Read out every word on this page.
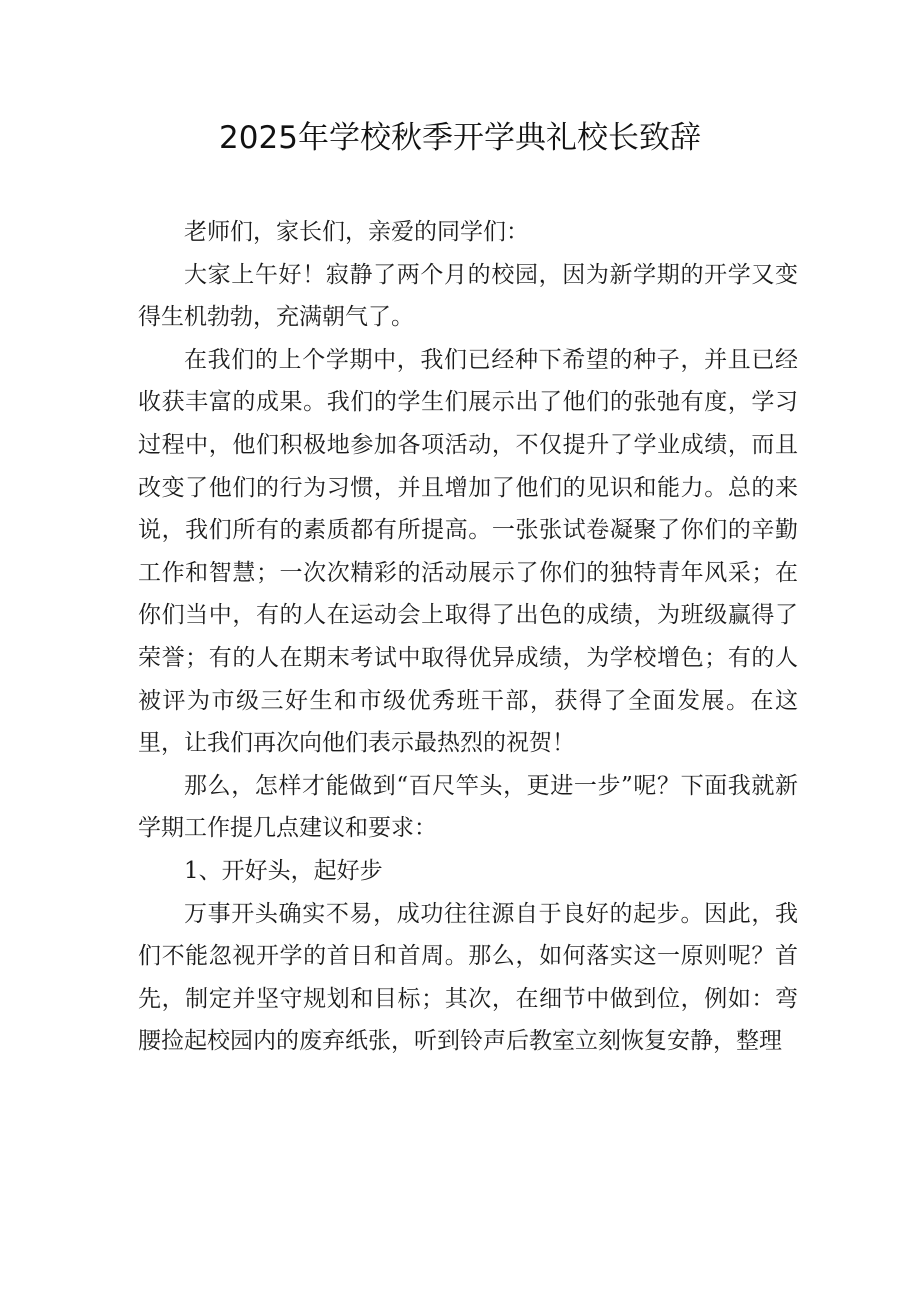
2025年学校秋季开学典礼校长致辞

老师们，家长们，亲爱的同学们：

大家上午好！寂静了两个月的校园，因为新学期的开学又变得生机勃勃，充满朝气了。

在我们的上个学期中，我们已经种下希望的种子，并且已经收获丰富的成果。我们的学生们展示出了他们的张弛有度，学习过程中，他们积极地参加各项活动，不仅提升了学业成绩，而且改变了他们的行为习惯，并且增加了他们的见识和能力。总的来说，我们所有的素质都有所提高。一张张试卷凝聚了你们的辛勤工作和智慧；一次次精彩的活动展示了你们的独特青年风采；在你们当中，有的人在运动会上取得了出色的成绩，为班级赢得了荣誉；有的人在期末考试中取得优异成绩，为学校增色；有的人被评为市级三好生和市级优秀班干部，获得了全面发展。在这里，让我们再次向他们表示最热烈的祝贺！

那么，怎样才能做到“百尺竿头，更进一步”呢？下面我就新学期工作提几点建议和要求：

1、开好头，起好步

万事开头确实不易，成功往往源自于良好的起步。因此，我们不能忽视开学的首日和首周。那么，如何落实这一原则呢？首先，制定并坚守规划和目标；其次，在细节中做到位，例如：弯腰捡起校园内的废弃纸张，听到铃声后教室立刻恢复安静，整理
